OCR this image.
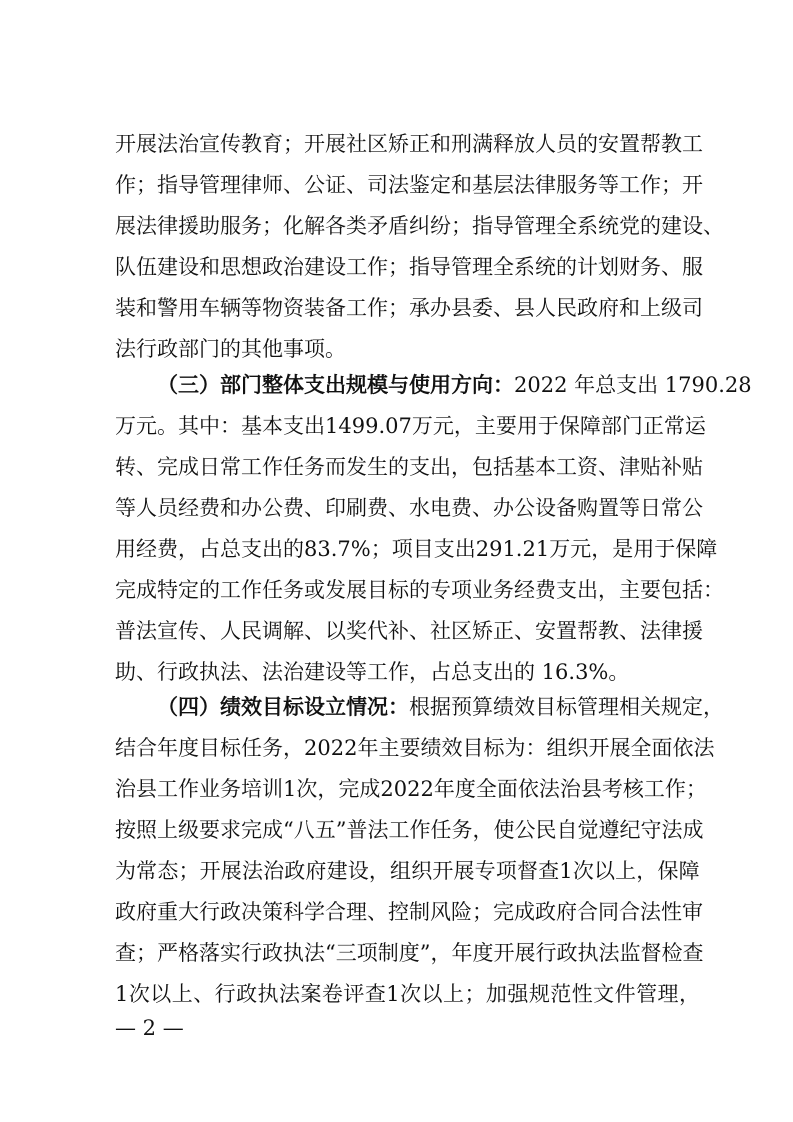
开 展 法 治 宣 传 教 育 ； 开 展 社 区 矫 正 和 刑 满 释 放 人 员 的 安 置 帮 教 工
作 ； 指 导 管 理 律 师 、 公 证 、 司 法 鉴 定 和 基 层 法 律 服 务 等 工 作 ； 开
展 法 律 援 助 服 务 ； 化 解 各 类 矛 盾 纠 纷 ； 指 导 管 理 全 系 统 党 的 建 设 、
队 伍 建 设 和 思 想 政 治 建 设 工 作 ； 指 导 管 理 全 系 统 的 计 划 财 务 、 服
装 和 警 用 车 辆 等 物 资 装 备 工 作 ； 承 办 县 委 、 县 人 民 政 府 和 上 级 司
法行政部门的其他事项。
（三）部门整体支出规模与使用方向： 2022 年总支出 1790.28
万 元 。 其 中 ： 基 本 支 出 1499.07 万 元 ， 主 要 用 于 保 障 部 门 正 常 运
转 、 完 成 日 常 工 作 任 务 而 发 生 的 支 出 ， 包 括 基 本 工 资 、 津 贴 补 贴
等 人 员 经 费 和 办 公 费 、 印 刷 费 、 水 电 费 、 办 公 设 备 购 置 等 日 常 公
用 经 费 ， 占 总 支 出 的 83.7% ； 项 目 支 出 291.21 万 元 ， 是 用 于 保 障
完 成 特 定 的 工 作 任 务 或 发 展 目 标 的 专 项 业 务 经 费 支 出 ， 主 要 包 括 ：
普 法 宣 传 、 人 民 调 解 、 以 奖 代 补 、 社 区 矫 正 、 安 置 帮 教 、 法 律 援
助、行政执法、法治建设等工作，占总支出的 16.3%。
（四）绩效目标设立情况： 根据预算绩效目标管理相关规定，
结 合 年 度 目 标 任 务 ， 2022 年 主 要 绩 效 目 标 为 ： 组 织 开 展 全 面 依 法
治 县 工 作 业 务 培 训 1 次 ， 完 成 2022 年 度 全 面 依 法 治 县 考 核 工 作 ；
按 照 上 级 要 求 完 成 “ 八 五 ” 普 法 工 作 任 务 ， 使 公 民 自 觉 遵 纪 守 法 成
为 常 态 ； 开 展 法 治 政 府 建 设 ， 组 织 开 展 专 项 督 查 1 次 以 上 ， 保 障
政 府 重 大 行 政 决 策 科 学 合 理 、 控 制 风 险 ； 完 成 政 府 合 同 合 法 性 审
查 ； 严 格 落 实 行 政 执 法 “ 三 项 制 度 ” ， 年 度 开 展 行 政 执 法 监 督 检 查
1 次 以 上 、 行 政 执 法 案 卷 评 查 1 次 以 上 ； 加 强 规 范 性 文 件 管 理 ，
— 2 —
